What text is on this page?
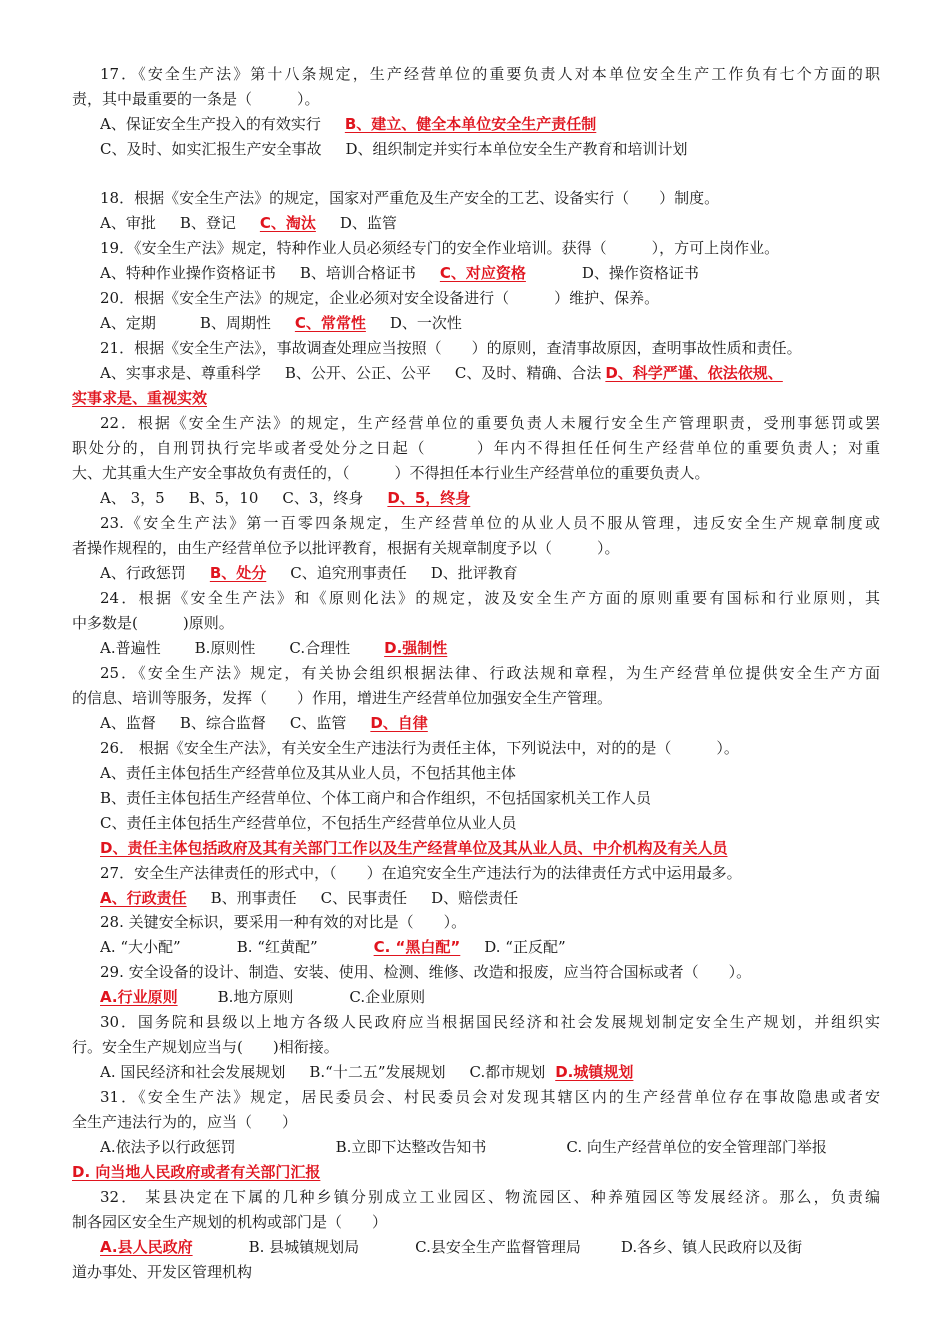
17．《安全生产法》第十八条规定，生产经营单位的重要负责人对本单位安全生产工作负有七个方面的职
责，其中最重要的一条是（　　　）。
A、保证安全生产投入的有效实行 B、建立、健全本单位安全生产责任制
C、及时、如实汇报生产安全事故 D、组织制定并实行本单位安全生产教育和培训计划
18．根据《安全生产法》的规定，国家对严重危及生产安全的工艺、设备实行（　　）制度。
A、审批 B、登记 C、淘汰 D、监管
19．《安全生产法》规定，特种作业人员必须经专门的安全作业培训。获得（　　　），方可上岗作业。
A、特种作业操作资格证书 B、培训合格证书 C、对应资格	D、操作资格证书
20．根据《安全生产法》的规定，企业必须对安全设备进行（　　　）维护、保养。
A、定期	B、周期性 C、常常性 D、一次性
21．根据《安全生产法》，事故调查处理应当按照（　　）的原则，查清事故原因，查明事故性质和责任。
A、实事求是、尊重科学 B、公开、公正、公平 C、及时、精确、合法 D、科学严谨、依法依规、
实事求是、重视实效
22．根据《安全生产法》的规定，生产经营单位的重要负责人未履行安全生产管理职责，受刑事惩罚或罢
职处分的，自刑罚执行完毕或者受处分之日起（　　　）年内不得担任任何生产经营单位的重要负责人；对重
大、尤其重大生产安全事故负有责任的，（　　　）不得担任本行业生产经营单位的重要负责人。
A、 3，5 B、5，10 C、3，终身 D、5，终身
23.《安全生产法》第一百零四条规定，生产经营单位的从业人员不服从管理，违反安全生产规章制度或
者操作规程的，由生产经营单位予以批评教育，根据有关规章制度予以（　　　）。
A、行政惩罚 B、处分 C、追究刑事责任 D、批评教育
24．根据《安全生产法》和《原则化法》的规定，波及安全生产方面的原则重要有国标和行业原则，其
中多数是(　　　)原则。
A.普遍性 B.原则性 C.合理性 D.强制性
25．《安全生产法》规定，有关协会组织根据法律、行政法规和章程，为生产经营单位提供安全生产方面
的信息、培训等服务，发挥（　　）作用，增进生产经营单位加强安全生产管理。
A、监督 B、综合监督 C、监管 D、自律
26． 根据《安全生产法》，有关安全生产违法行为责任主体，下列说法中，对的的是（　　　）。
A、责任主体包括生产经营单位及其从业人员，不包括其他主体
B、责任主体包括生产经营单位、个体工商户和合作组织，不包括国家机关工作人员
C、责任主体包括生产经营单位，不包括生产经营单位从业人员
D、责任主体包括政府及其有关部门工作以及生产经营单位及其从业人员、中介机构及有关人员
27．安全生产法律责任的形式中，（　　）在追究安全生产违法行为的法律责任方式中运用最多。
A、行政责任 B、刑事责任 C、民事责任 D、赔偿责任
28. 关键安全标识，要采用一种有效的对比是（　　）。
A. “大小配”	B. “红黄配”	C. “黑白配” D. “正反配”
29. 安全设备的设计、制造、安装、使用、检测、维修、改造和报废，应当符合国标或者（　　）。
A.行业原则	B.地方原则	C.企业原则
30．国务院和县级以上地方各级人民政府应当根据国民经济和社会发展规划制定安全生产规划，并组织实
行。安全生产规划应当与(　　)相衔接。
A. 国民经济和社会发展规划 B.“十二五”发展规划 C.都市规划 D.城镇规划
31．《安全生产法》规定，居民委员会、村民委员会对发现其辖区内的生产经营单位存在事故隐患或者安
全生产违法行为的，应当（　　）
A.依法予以行政惩罚	B.立即下达整改告知书	C. 向生产经营单位的安全管理部门举报
D. 向当地人民政府或者有关部门汇报
32． 某县决定在下属的几种乡镇分别成立工业园区、物流园区、种养殖园区等发展经济。那么，负责编
制各园区安全生产规划的机构或部门是（　　）
A.县人民政府	B. 县城镇规划局	C.县安全生产监督管理局	D.各乡、镇人民政府以及街
道办事处、开发区管理机构
